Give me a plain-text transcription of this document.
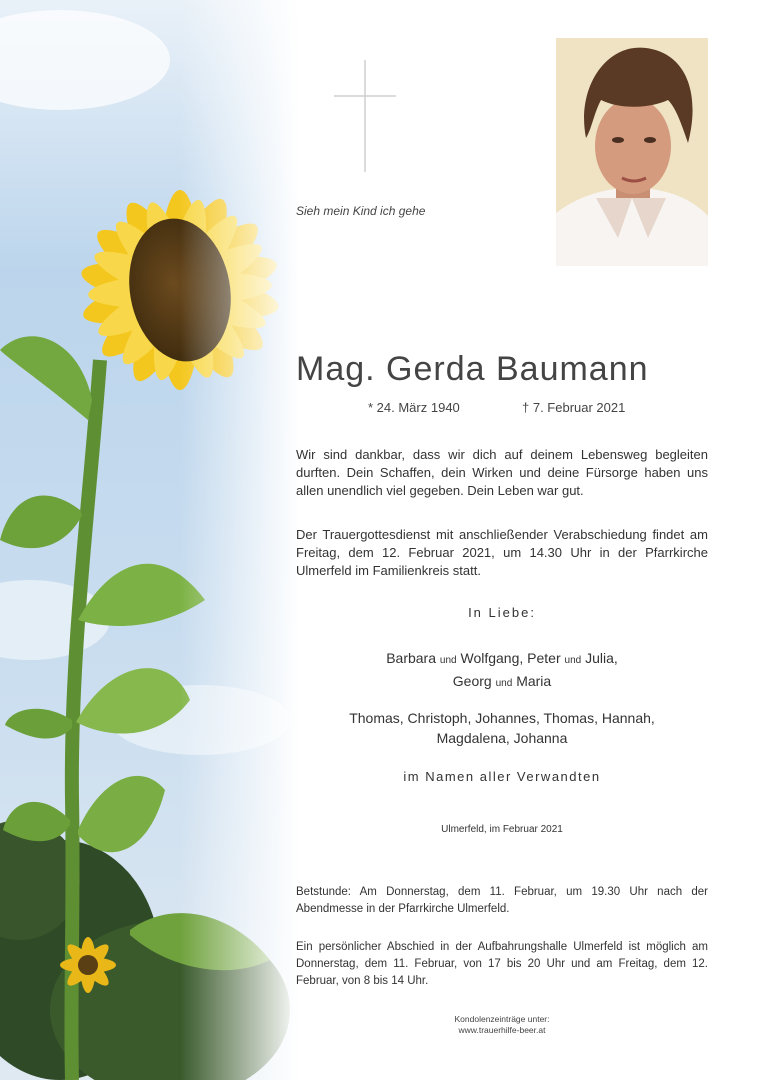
Sieh mein Kind ich gehe
Mag. Gerda Baumann
* 24. März 1940	† 7. Februar 2021

Wir sind dankbar, dass wir dich auf deinem Lebensweg begleiten durften. Dein Schaffen, dein Wirken und deine Fürsorge haben uns allen unendlich viel gegeben. Dein Leben war gut.

Der Trauergottesdienst mit anschließender Verabschiedung findet am Freitag, dem 12. Februar 2021, um 14.30 Uhr in der Pfarrkirche Ulmerfeld im Familienkreis statt.

In Liebe:
Barbara und Wolfgang, Peter und Julia,
Georg und Maria
Thomas, Christoph, Johannes, Thomas, Hannah,
Magdalena, Johanna
im Namen aller Verwandten
Ulmerfeld, im Februar 2021

Betstunde: Am Donnerstag, dem 11. Februar, um 19.30 Uhr nach der Abendmesse in der Pfarrkirche Ulmerfeld.

Ein persönlicher Abschied in der Aufbahrungshalle Ulmerfeld ist möglich am Donnerstag, dem 11. Februar, von 17 bis 20 Uhr und am Freitag, dem 12. Februar, von 8 bis 14 Uhr.

Kondolenzeinträge unter:
www.trauerhilfe-beer.at
